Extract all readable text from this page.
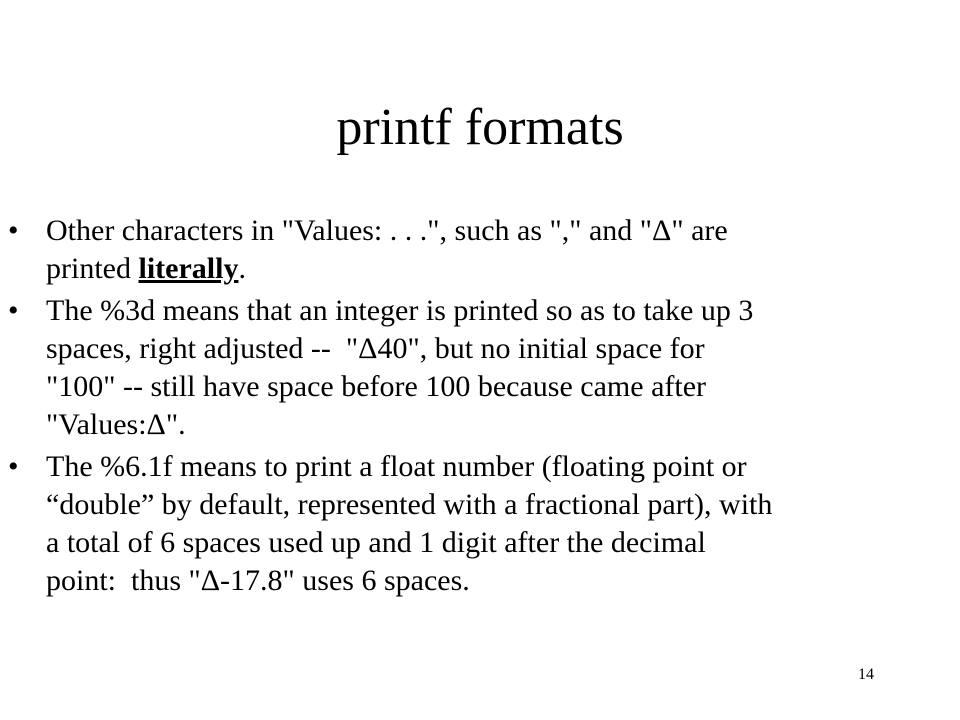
printf formats
• Other characters in "Values: . . .", such as "," and "Δ" are
printed literally.
• The %3d means that an integer is printed so as to take up 3
spaces, right adjusted --  "Δ40", but no initial space for
"100" -- still have space before 100 because came after
"Values:Δ".
• The %6.1f means to print a float number (floating point or
“double” by default, represented with a fractional part), with
a total of 6 spaces used up and 1 digit after the decimal
point:  thus "Δ-17.8" uses 6 spaces.
14
